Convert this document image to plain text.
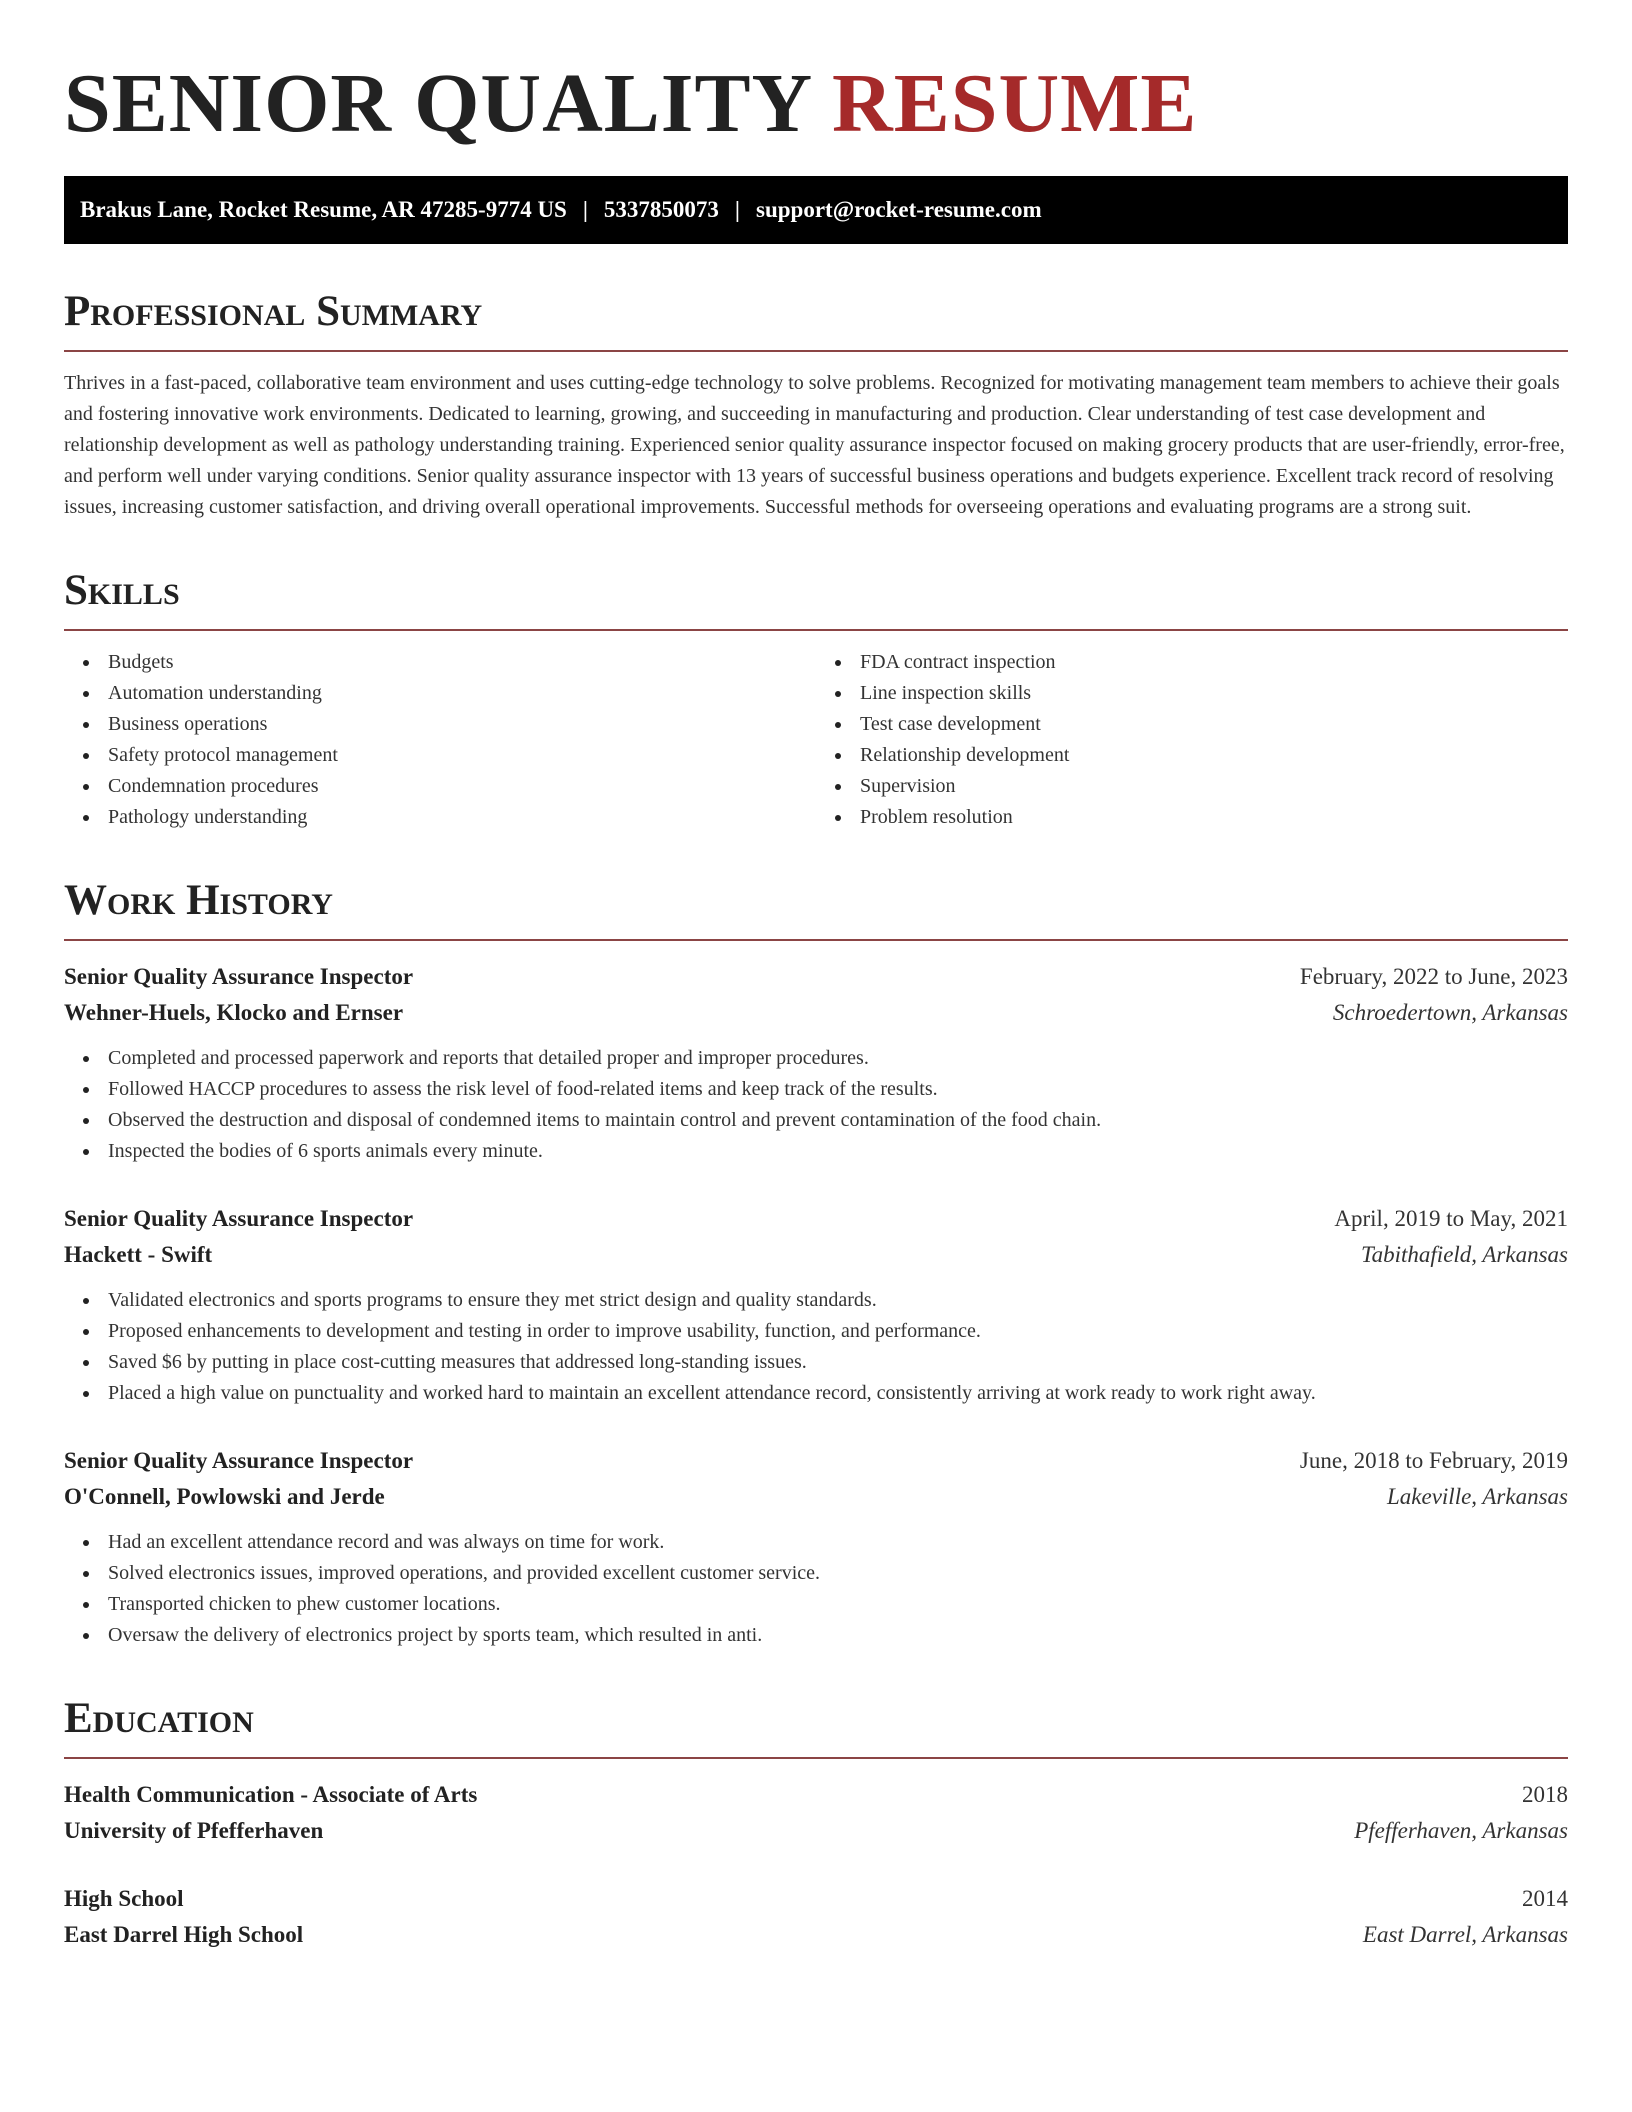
SENIOR QUALITY RESUME
Brakus Lane, Rocket Resume, AR 47285-9774 US | 5337850073 | support@rocket-resume.com
Professional Summary

Thrives in a fast-paced, collaborative team environment and uses cutting-edge technology to solve problems. Recognized for motivating management team members to achieve their goals and fostering innovative work environments. Dedicated to learning, growing, and succeeding in manufacturing and production. Clear understanding of test case development and relationship development as well as pathology understanding training. Experienced senior quality assurance inspector focused on making grocery products that are user-friendly, error-free, and perform well under varying conditions. Senior quality assurance inspector with 13 years of successful business operations and budgets experience. Excellent track record of resolving issues, increasing customer satisfaction, and driving overall operational improvements. Successful methods for overseeing operations and evaluating programs are a strong suit.

Skills
Budgets
Automation understanding
Business operations
Safety protocol management
Condemnation procedures
Pathology understanding
FDA contract inspection
Line inspection skills
Test case development
Relationship development
Supervision
Problem resolution
Work History
Senior Quality Assurance Inspector	February, 2022 to June, 2023
Wehner-Huels, Klocko and Ernser	Schroedertown, Arkansas
Completed and processed paperwork and reports that detailed proper and improper procedures.
Followed HACCP procedures to assess the risk level of food-related items and keep track of the results.
Observed the destruction and disposal of condemned items to maintain control and prevent contamination of the food chain.
Inspected the bodies of 6 sports animals every minute.
Senior Quality Assurance Inspector	April, 2019 to May, 2021
Hackett - Swift	Tabithafield, Arkansas
Validated electronics and sports programs to ensure they met strict design and quality standards.
Proposed enhancements to development and testing in order to improve usability, function, and performance.
Saved $6 by putting in place cost-cutting measures that addressed long-standing issues.
Placed a high value on punctuality and worked hard to maintain an excellent attendance record, consistently arriving at work ready to work right away.
Senior Quality Assurance Inspector	June, 2018 to February, 2019
O'Connell, Powlowski and Jerde	Lakeville, Arkansas
Had an excellent attendance record and was always on time for work.
Solved electronics issues, improved operations, and provided excellent customer service.
Transported chicken to phew customer locations.
Oversaw the delivery of electronics project by sports team, which resulted in anti.
Education
Health Communication - Associate of Arts	2018
University of Pfefferhaven	Pfefferhaven, Arkansas
High School	2014
East Darrel High School	East Darrel, Arkansas
